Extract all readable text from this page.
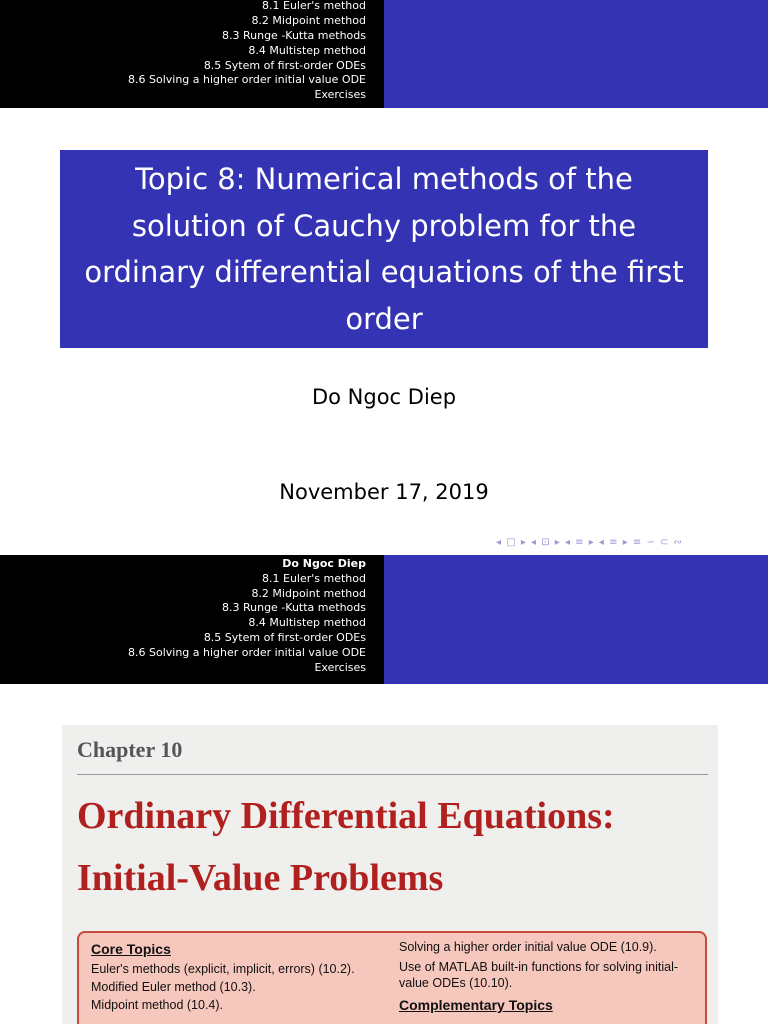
8.1 Euler's method
8.2 Midpoint method
8.3 Runge -Kutta methods
8.4 Multistep method
8.5 Sytem of first-order ODEs
8.6 Solving a higher order initial value ODE
Exercises
Topic 8: Numerical methods of the solution of Cauchy problem for the ordinary differential equations of the first order
Do Ngoc Diep
November 17, 2019
◂ □ ▸ ◂ ⊡ ▸ ◂ ≡ ▸ ◂ ≡ ▸ ≡ ∽ ⊂ ∾
Do Ngoc Diep
8.1 Euler's method
8.2 Midpoint method
8.3 Runge -Kutta methods
8.4 Multistep method
8.5 Sytem of first-order ODEs
8.6 Solving a higher order initial value ODE
Exercises
Chapter 10
Ordinary Differential Equations:
Initial-Value Problems
Core Topics
Euler's methods (explicit, implicit, errors) (10.2).
Modified Euler method (10.3).
Midpoint method (10.4).
Solving a higher order initial value ODE (10.9).
Use of MATLAB built-in functions for solving initial-value ODEs (10.10).
Complementary Topics
